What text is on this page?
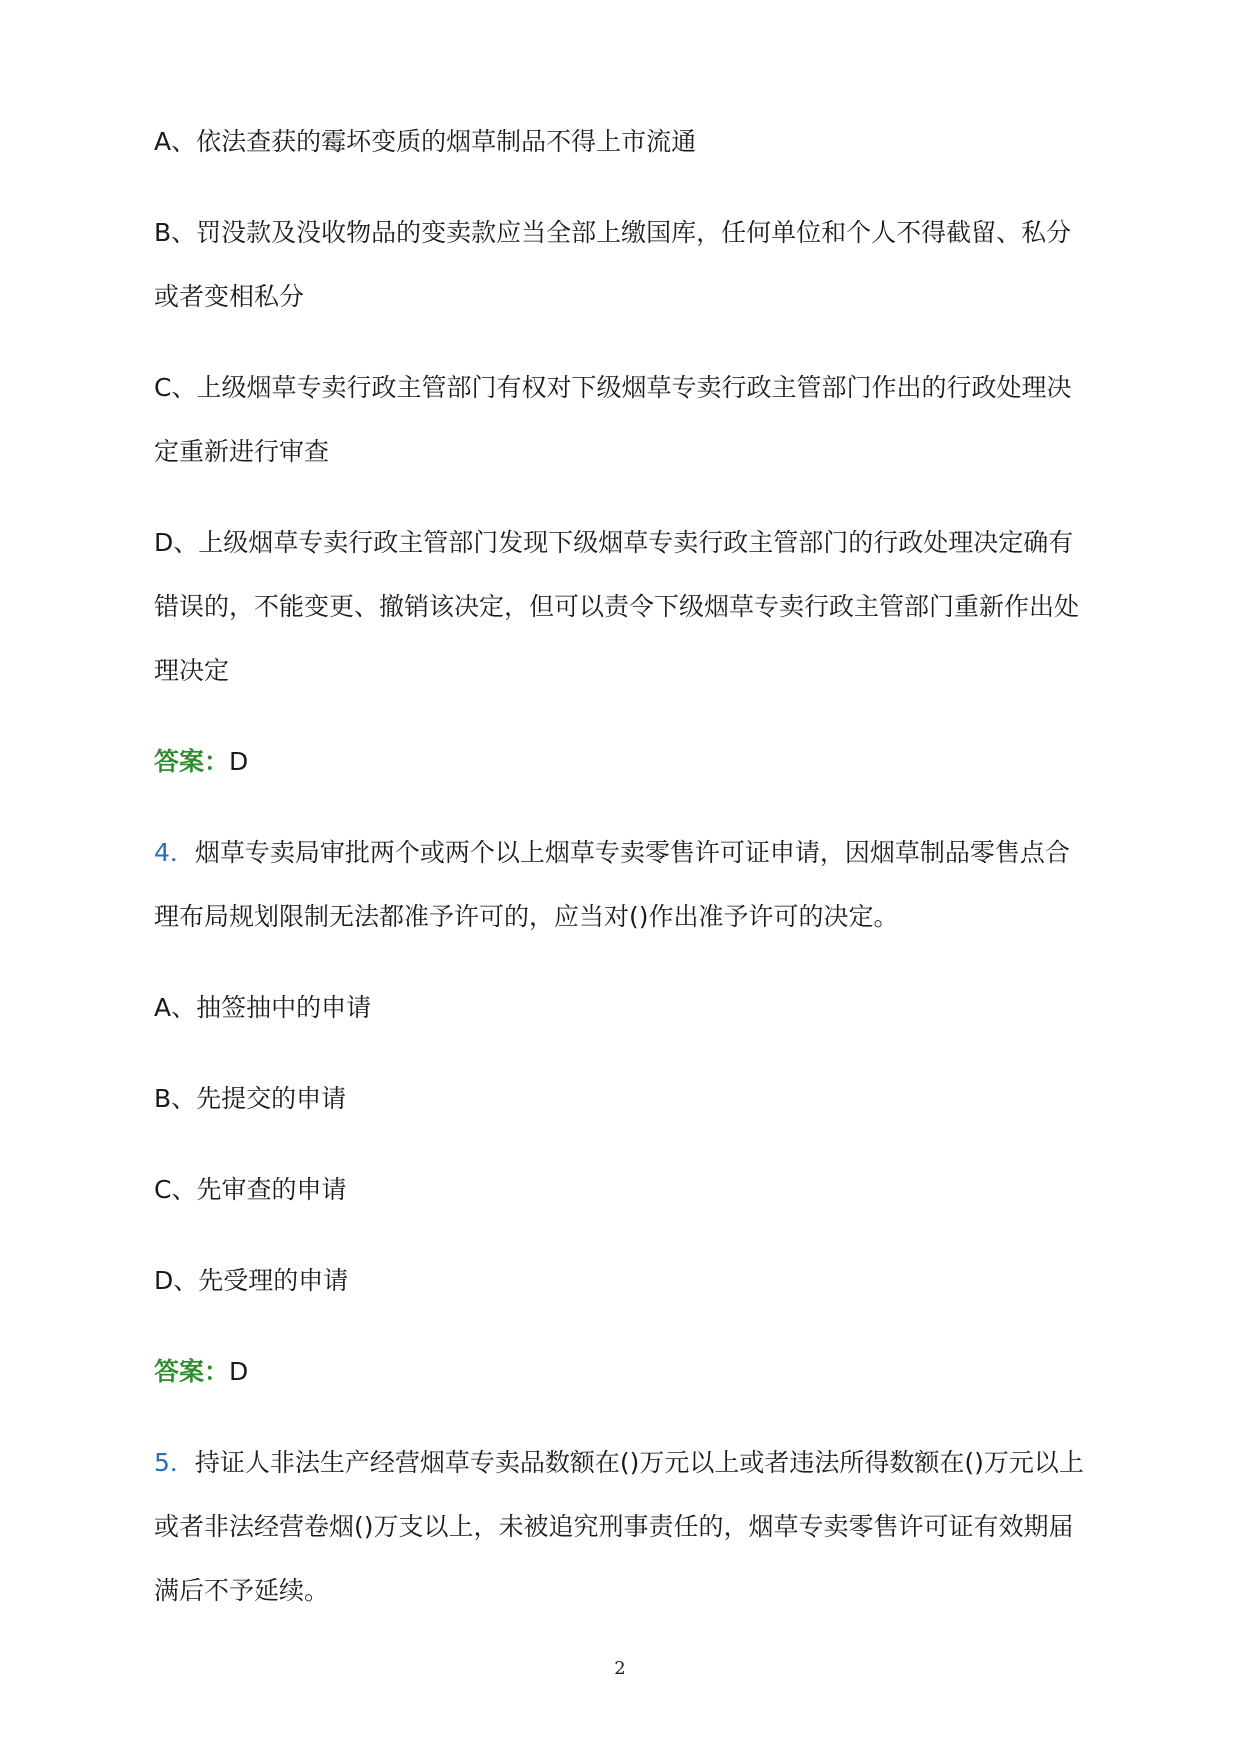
A、依法查获的霉坏变质的烟草制品不得上市流通
B、罚没款及没收物品的变卖款应当全部上缴国库，任何单位和个人不得截留、私分
或者变相私分
C、上级烟草专卖行政主管部门有权对下级烟草专卖行政主管部门作出的行政处理决
定重新进行审查
D、上级烟草专卖行政主管部门发现下级烟草专卖行政主管部门的行政处理决定确有
错误的，不能变更、撤销该决定，但可以责令下级烟草专卖行政主管部门重新作出处
理决定
答案：D
4．烟草专卖局审批两个或两个以上烟草专卖零售许可证申请，因烟草制品零售点合
理布局规划限制无法都准予许可的，应当对()作出准予许可的决定。
A、抽签抽中的申请
B、先提交的申请
C、先审查的申请
D、先受理的申请
答案：D
5．持证人非法生产经营烟草专卖品数额在()万元以上或者违法所得数额在()万元以上
或者非法经营卷烟()万支以上，未被追究刑事责任的，烟草专卖零售许可证有效期届
满后不予延续。
2
